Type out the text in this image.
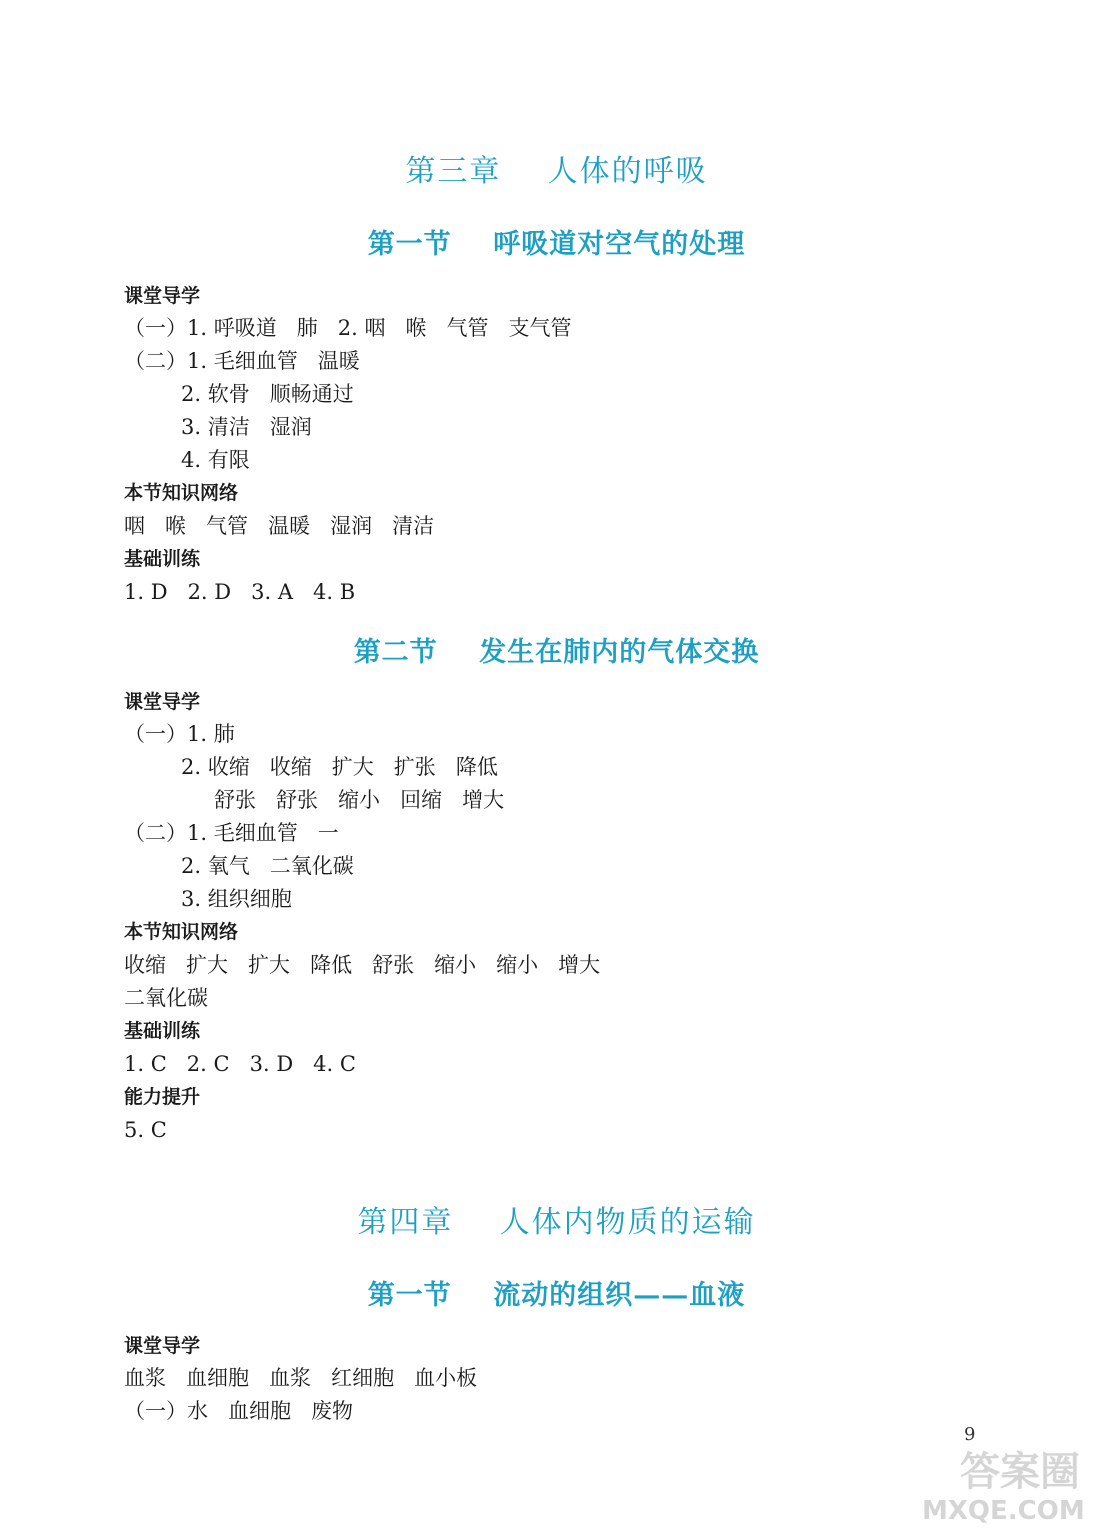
第三章    人体的呼吸
第一节    呼吸道对空气的处理
课堂导学
（一）1. 呼吸道   肺   2. 咽   喉   气管   支气管
（二）1. 毛细血管   温暖
2. 软骨   顺畅通过
3. 清洁   湿润
4. 有限
本节知识网络
咽   喉   气管   温暖   湿润   清洁
基础训练
1. D   2. D   3. A   4. B
第二节    发生在肺内的气体交换
课堂导学
（一）1. 肺
2. 收缩   收缩   扩大   扩张   降低
舒张   舒张   缩小   回缩   增大
（二）1. 毛细血管   一
2. 氧气   二氧化碳
3. 组织细胞
本节知识网络
收缩   扩大   扩大   降低   舒张   缩小   缩小   增大
二氧化碳
基础训练
1. C   2. C   3. D   4. C
能力提升
5. C
第四章    人体内物质的运输
第一节    流动的组织——血液
课堂导学
血浆   血细胞   血浆   红细胞   血小板
（一）水   血细胞   废物
9
答案圈
MXQE.COM
